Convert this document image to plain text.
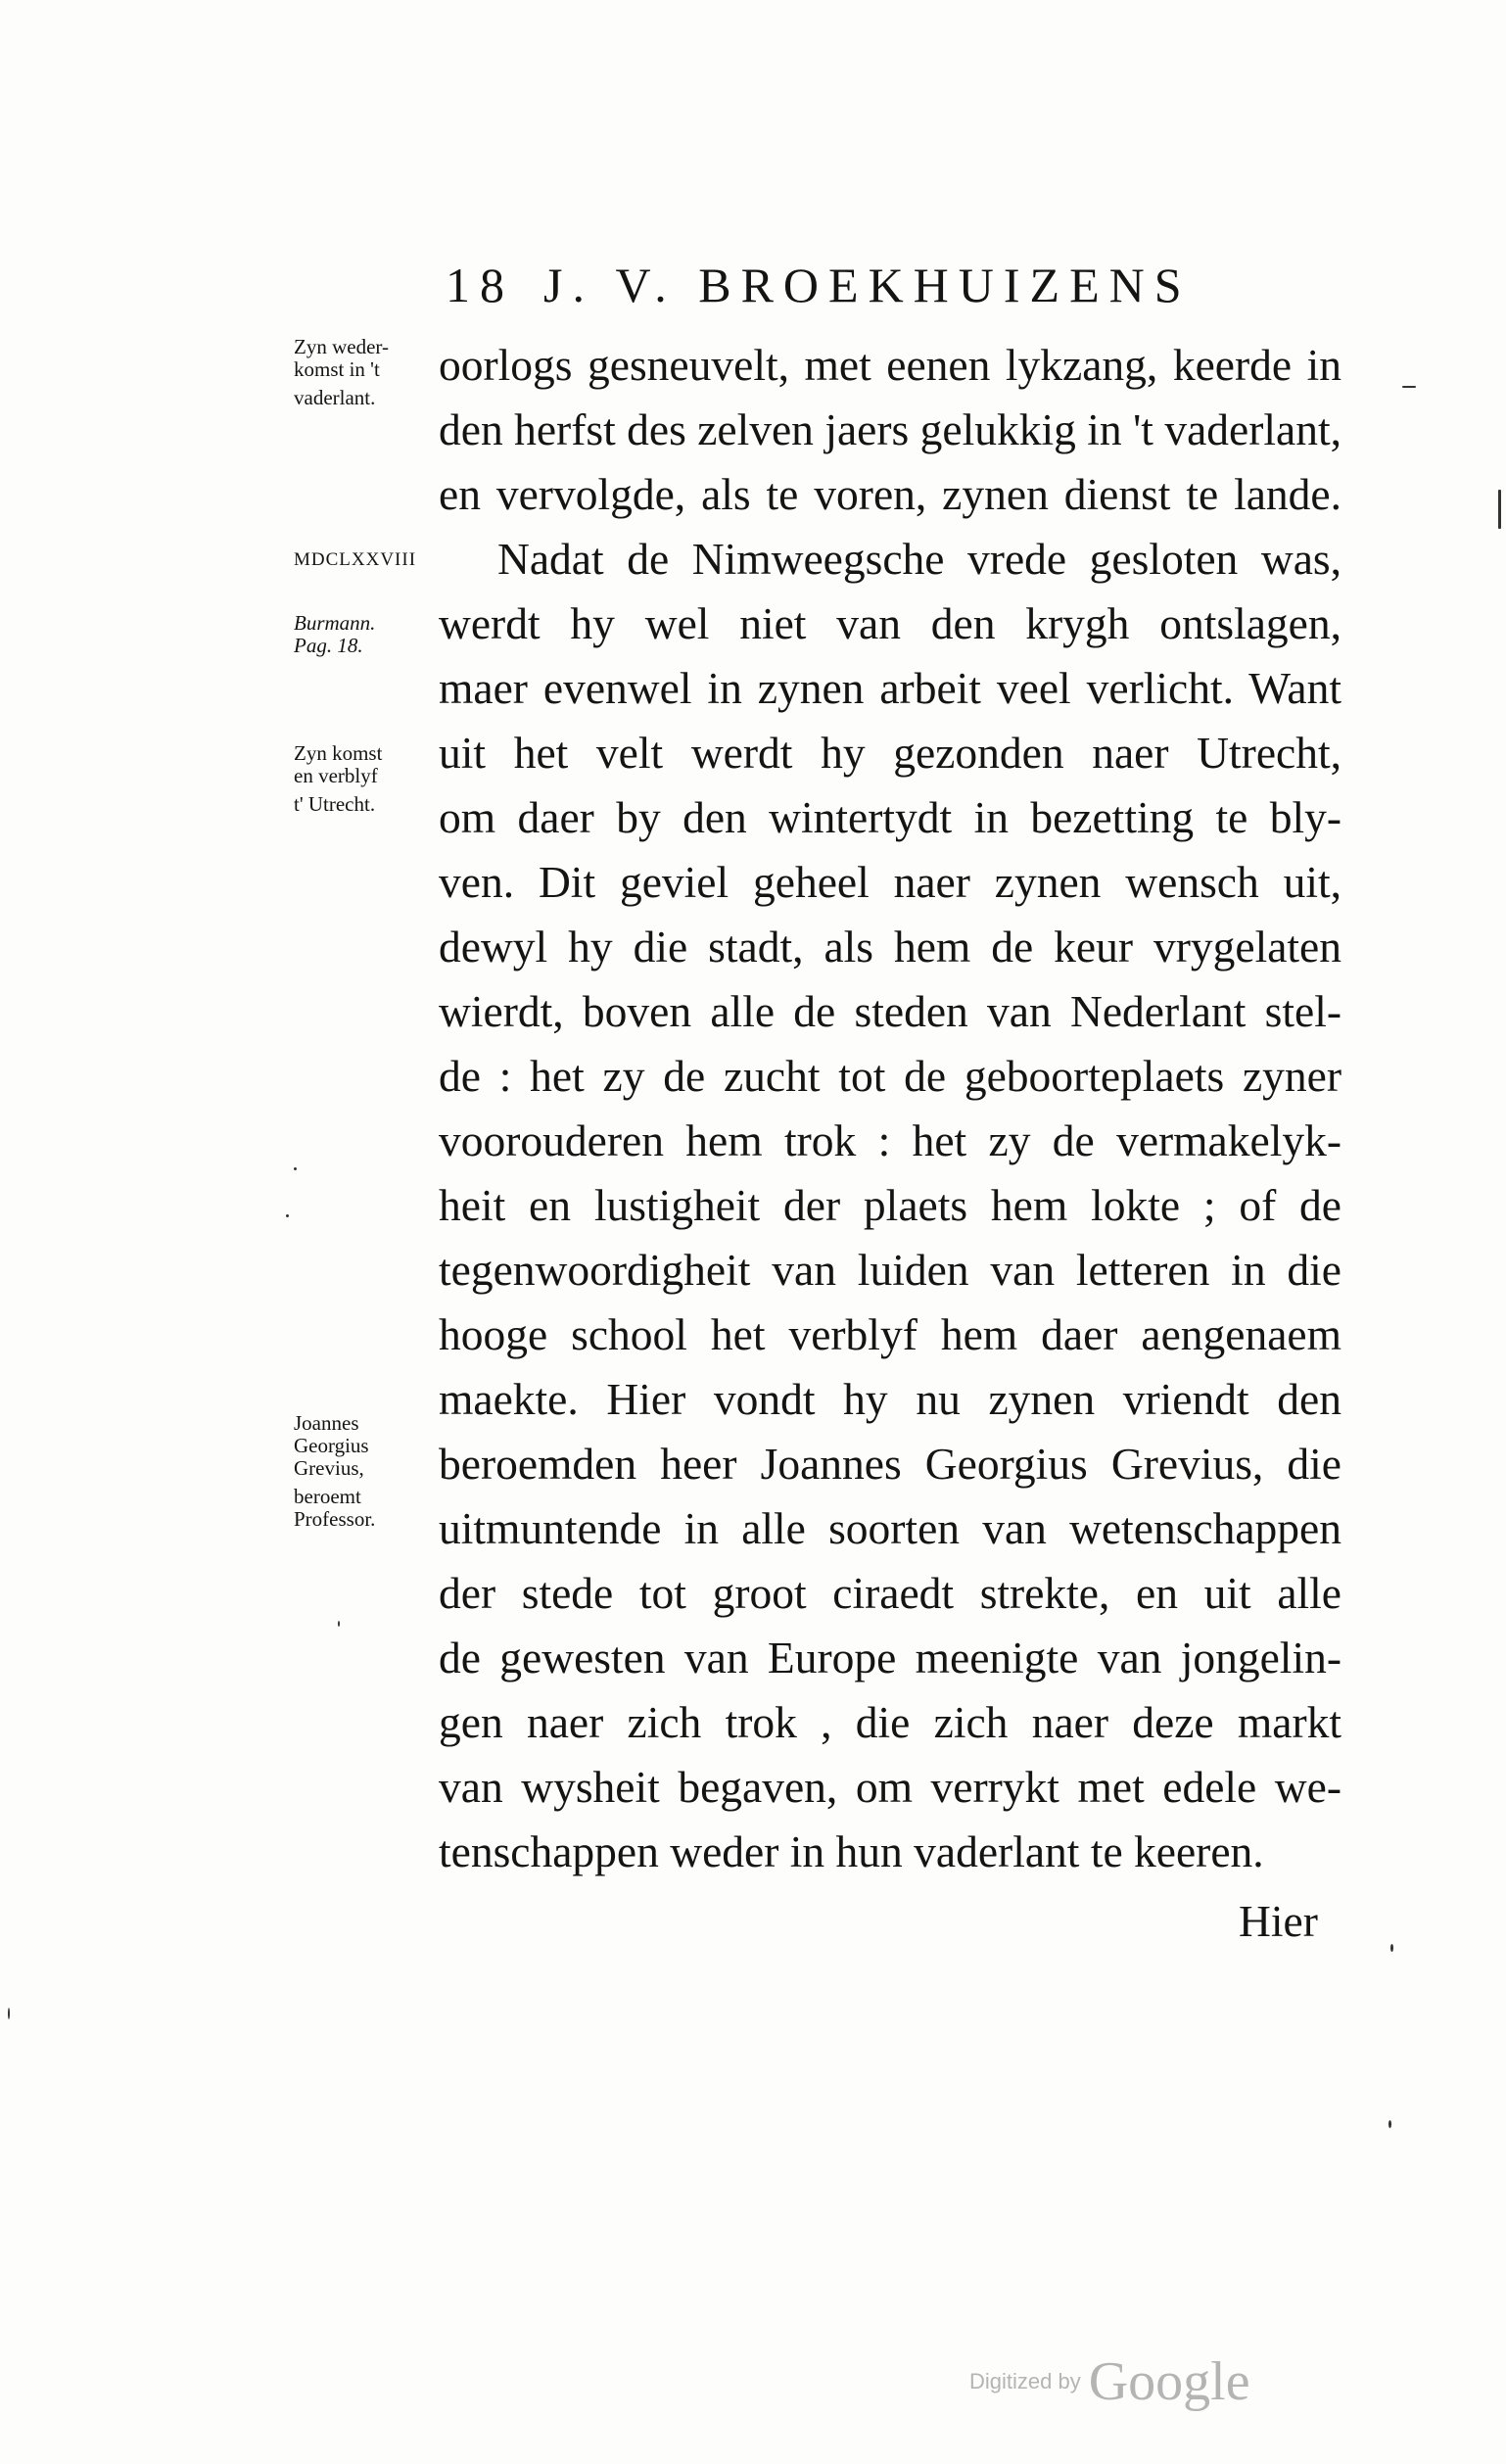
18 J. V. BROEKHUIZENS
Zyn weder-
komst in 't
vaderlant.
MDCLXXVIII
Burmann.
Pag. 18.
Zyn komst
en verblyf
t' Utrecht.
Joannes
Georgius
Grevius,
beroemt
Professor.
oorlogs gesneuvelt, met eenen lykzang, keerde in
den herfst des zelven jaers gelukkig in 't vaderlant,
en vervolgde, als te voren, zynen dienst te lande.
Nadat de Nimweegsche vrede gesloten was,
werdt hy wel niet van den krygh ontslagen,
maer evenwel in zynen arbeit veel verlicht. Want
uit het velt werdt hy gezonden naer Utrecht,
om daer by den wintertydt in bezetting te bly-
ven. Dit geviel geheel naer zynen wensch uit,
dewyl hy die stadt, als hem de keur vrygelaten
wierdt, boven alle de steden van Nederlant stel-
de : het zy de zucht tot de geboorteplaets zyner
voorouderen hem trok : het zy de vermakelyk-
heit en lustigheit der plaets hem lokte ; of de
tegenwoordigheit van luiden van letteren in die
hooge school het verblyf hem daer aengenaem
maekte. Hier vondt hy nu zynen vriendt den
beroemden heer Joannes Georgius Grevius, die
uitmuntende in alle soorten van wetenschappen
der stede tot groot ciraedt strekte, en uit alle
de gewesten van Europe meenigte van jongelin-
gen naer zich trok , die zich naer deze markt
van wysheit begaven, om verrykt met edele we-
tenschappen weder in hun vaderlant te keeren.
Hier
Digitized by Google
